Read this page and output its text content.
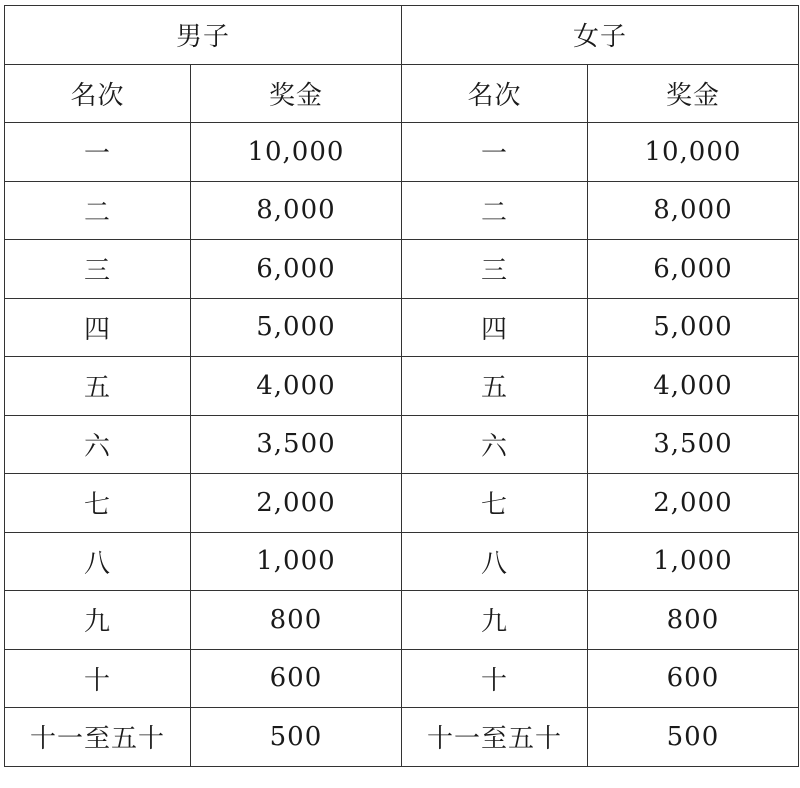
男子		女子	
名次	奖金	名次	奖金
一	10,000	一	10,000
二	8,000	二	8,000
三	6,000	三	6,000
四	5,000	四	5,000
五	4,000	五	4,000
六	3,500	六	3,500
七	2,000	七	2,000
八	1,000	八	1,000
九	800	九	800
十	600	十	600
十一至五十	500	十一至五十	500
